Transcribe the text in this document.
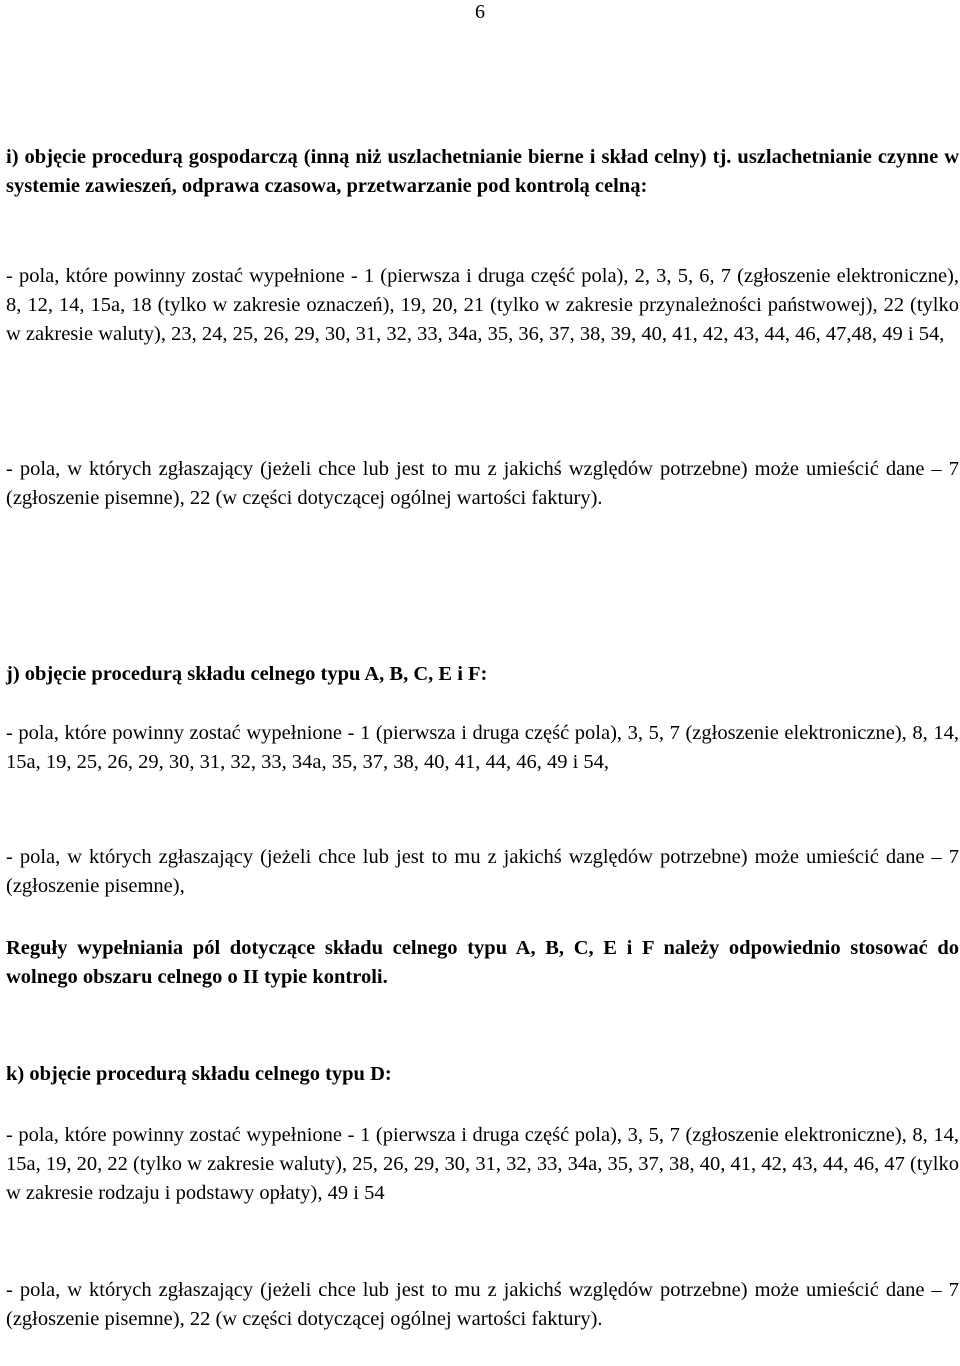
6

i) objęcie procedurą gospodarczą (inną niż uszlachetnianie bierne i skład celny) tj. uszlachetnianie czynne w systemie zawieszeń, odprawa czasowa, przetwarzanie pod kontrolą celną:

- pola, które powinny zostać wypełnione - 1 (pierwsza i druga część pola), 2, 3, 5, 6, 7 (zgłoszenie elektroniczne), 8, 12, 14, 15a, 18 (tylko w zakresie oznaczeń), 19, 20, 21 (tylko w zakresie przynależności państwowej), 22 (tylko w zakresie waluty), 23, 24, 25, 26, 29, 30, 31, 32, 33, 34a, 35, 36, 37, 38, 39, 40, 41, 42, 43, 44, 46, 47,48, 49 i 54,

- pola, w których zgłaszający (jeżeli chce lub jest to mu z jakichś względów potrzebne) może umieścić dane – 7 (zgłoszenie pisemne), 22 (w części dotyczącej ogólnej wartości faktury).

j) objęcie procedurą składu celnego typu A, B, C, E i F:

- pola, które powinny zostać wypełnione - 1 (pierwsza i druga część pola), 3, 5, 7 (zgłoszenie elektroniczne), 8, 14, 15a, 19, 25, 26, 29, 30, 31, 32, 33, 34a, 35, 37, 38, 40, 41, 44, 46, 49 i 54,

- pola, w których zgłaszający (jeżeli chce lub jest to mu z jakichś względów potrzebne) może umieścić dane – 7 (zgłoszenie pisemne),

Reguły wypełniania pól dotyczące składu celnego typu A, B, C, E i F należy odpowiednio stosować do wolnego obszaru celnego o II typie kontroli.

k) objęcie procedurą składu celnego typu D:

- pola, które powinny zostać wypełnione - 1 (pierwsza i druga część pola), 3, 5, 7 (zgłoszenie elektroniczne), 8, 14, 15a, 19, 20, 22 (tylko w zakresie waluty), 25, 26, 29, 30, 31, 32, 33, 34a, 35, 37, 38, 40, 41, 42, 43, 44, 46, 47 (tylko w zakresie rodzaju i podstawy opłaty), 49 i 54

- pola, w których zgłaszający (jeżeli chce lub jest to mu z jakichś względów potrzebne) może umieścić dane – 7 (zgłoszenie pisemne), 22 (w części dotyczącej ogólnej wartości faktury).
